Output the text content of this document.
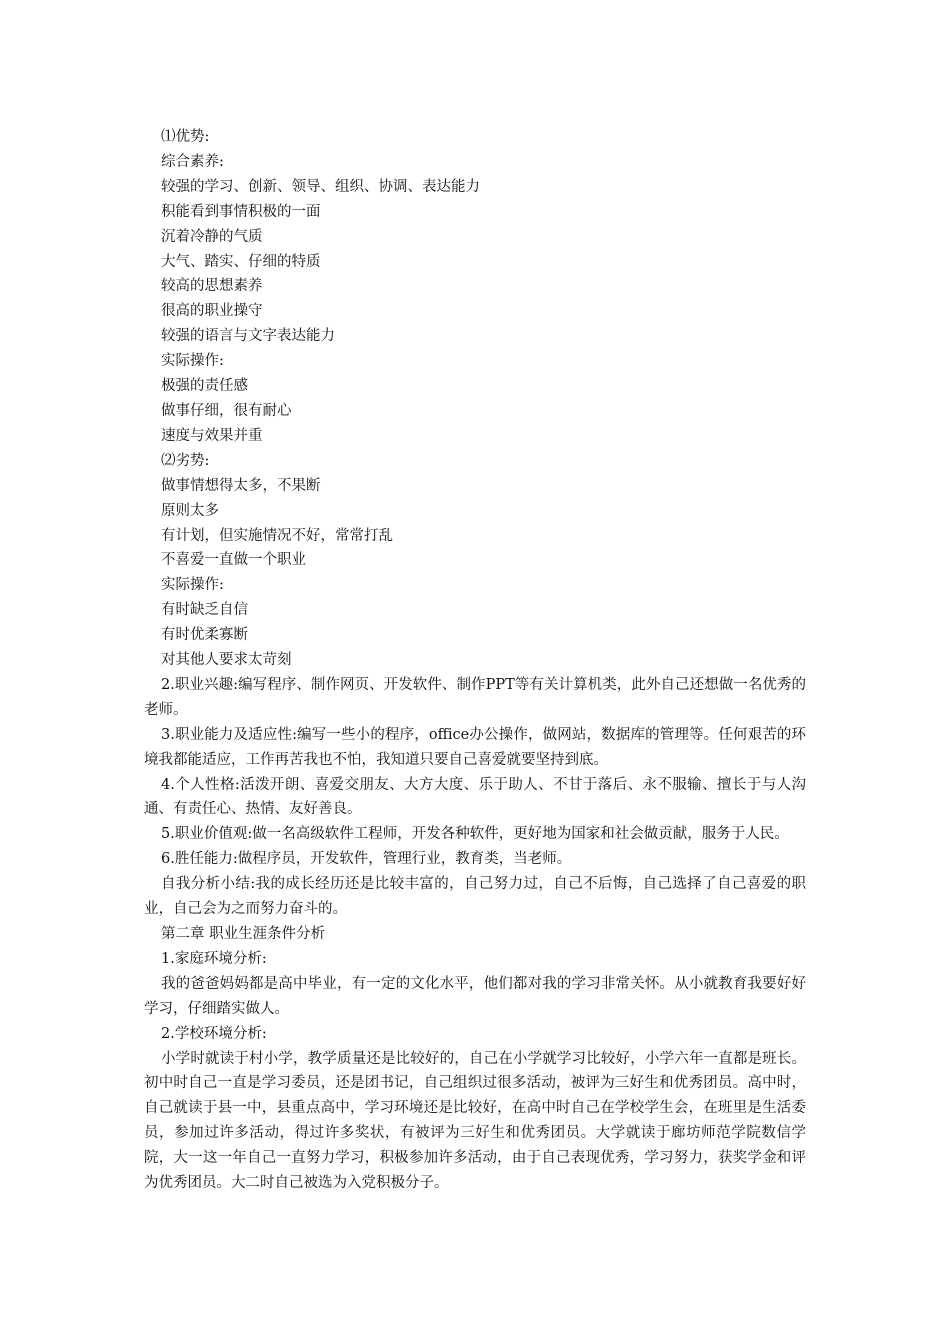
⑴优势:

综合素养:

较强的学习、创新、领导、组织、协调、表达能力

积能看到事情积极的一面

沉着冷静的气质

大气、踏实、仔细的特质

较高的思想素养

很高的职业操守

较强的语言与文字表达能力

实际操作:

极强的责任感

做事仔细，很有耐心

速度与效果并重

⑵劣势:

做事情想得太多，不果断

原则太多

有计划，但实施情况不好，常常打乱

不喜爱一直做一个职业

实际操作:

有时缺乏自信

有时优柔寡断

对其他人要求太苛刻

2.职业兴趣:编写程序、制作网页、开发软件、制作PPT等有关计算机类，此外自己还想做一名优秀的老师。

3.职业能力及适应性:编写一些小的程序，office办公操作，做网站，数据库的管理等。任何艰苦的环境我都能适应，工作再苦我也不怕，我知道只要自己喜爱就要坚持到底。

4.个人性格:活泼开朗、喜爱交朋友、大方大度、乐于助人、不甘于落后、永不服输、擅长于与人沟通、有责任心、热情、友好善良。

5.职业价值观:做一名高级软件工程师，开发各种软件，更好地为国家和社会做贡献，服务于人民。

6.胜任能力:做程序员，开发软件，管理行业，教育类，当老师。

自我分析小结:我的成长经历还是比较丰富的，自己努力过，自己不后悔，自己选择了自己喜爱的职业，自己会为之而努力奋斗的。

第二章 职业生涯条件分析

1.家庭环境分析:

我的爸爸妈妈都是高中毕业，有一定的文化水平，他们都对我的学习非常关怀。从小就教育我要好好学习，仔细踏实做人。

2.学校环境分析:

小学时就读于村小学，教学质量还是比较好的，自己在小学就学习比较好，小学六年一直都是班长。初中时自己一直是学习委员，还是团书记，自己组织过很多活动，被评为三好生和优秀团员。高中时，自己就读于县一中，县重点高中，学习环境还是比较好，在高中时自己在学校学生会，在班里是生活委员，参加过许多活动，得过许多奖状，有被评为三好生和优秀团员。大学就读于廊坊师范学院数信学院，大一这一年自己一直努力学习，积极参加许多活动，由于自己表现优秀，学习努力，获奖学金和评为优秀团员。大二时自己被选为入党积极分子。
